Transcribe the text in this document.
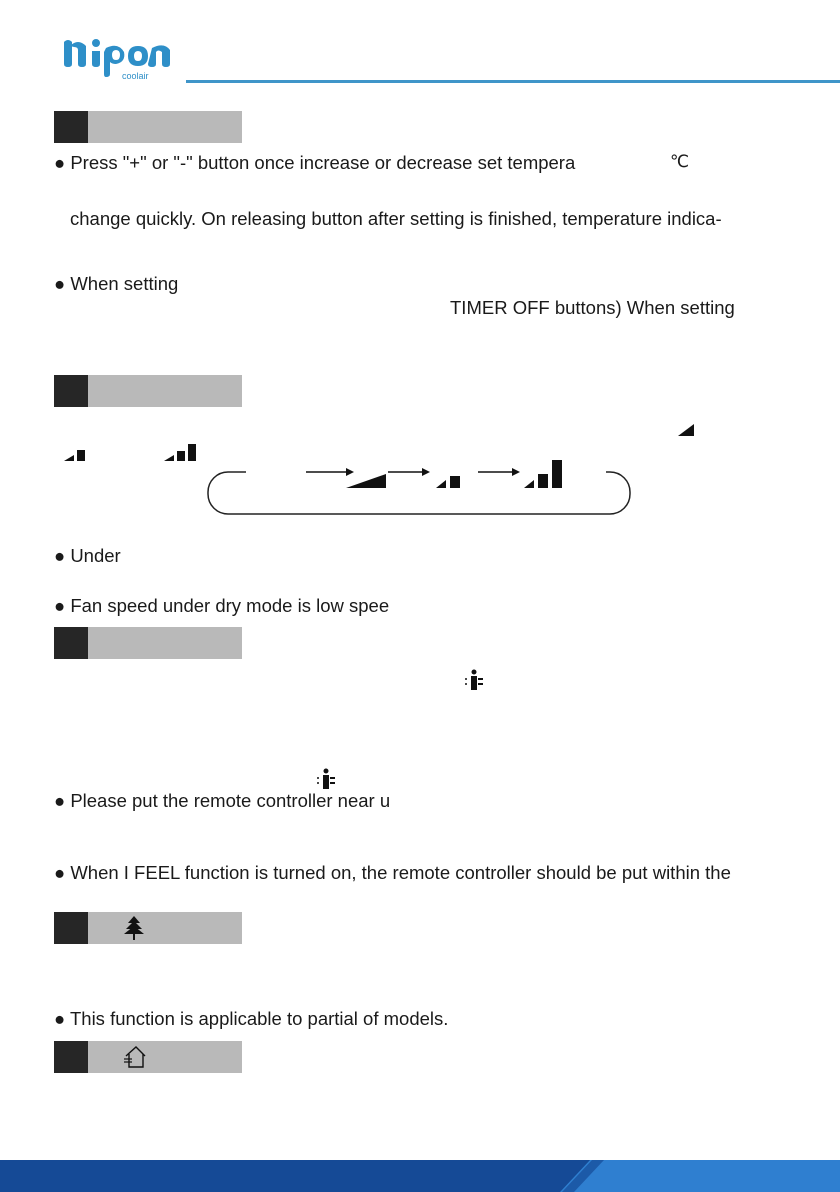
coolair
● Press "+" or "-" button once increase or decrease set tempera	℃
change quickly. On releasing button after setting is finished, temperature indica-
● When setting
TIMER OFF buttons) When setting
● Under
● Fan speed under dry mode is low spee
● Please put the remote controller near u
● When I FEEL function is turned on, the remote controller should be put within the
● This function is applicable to partial of models.
